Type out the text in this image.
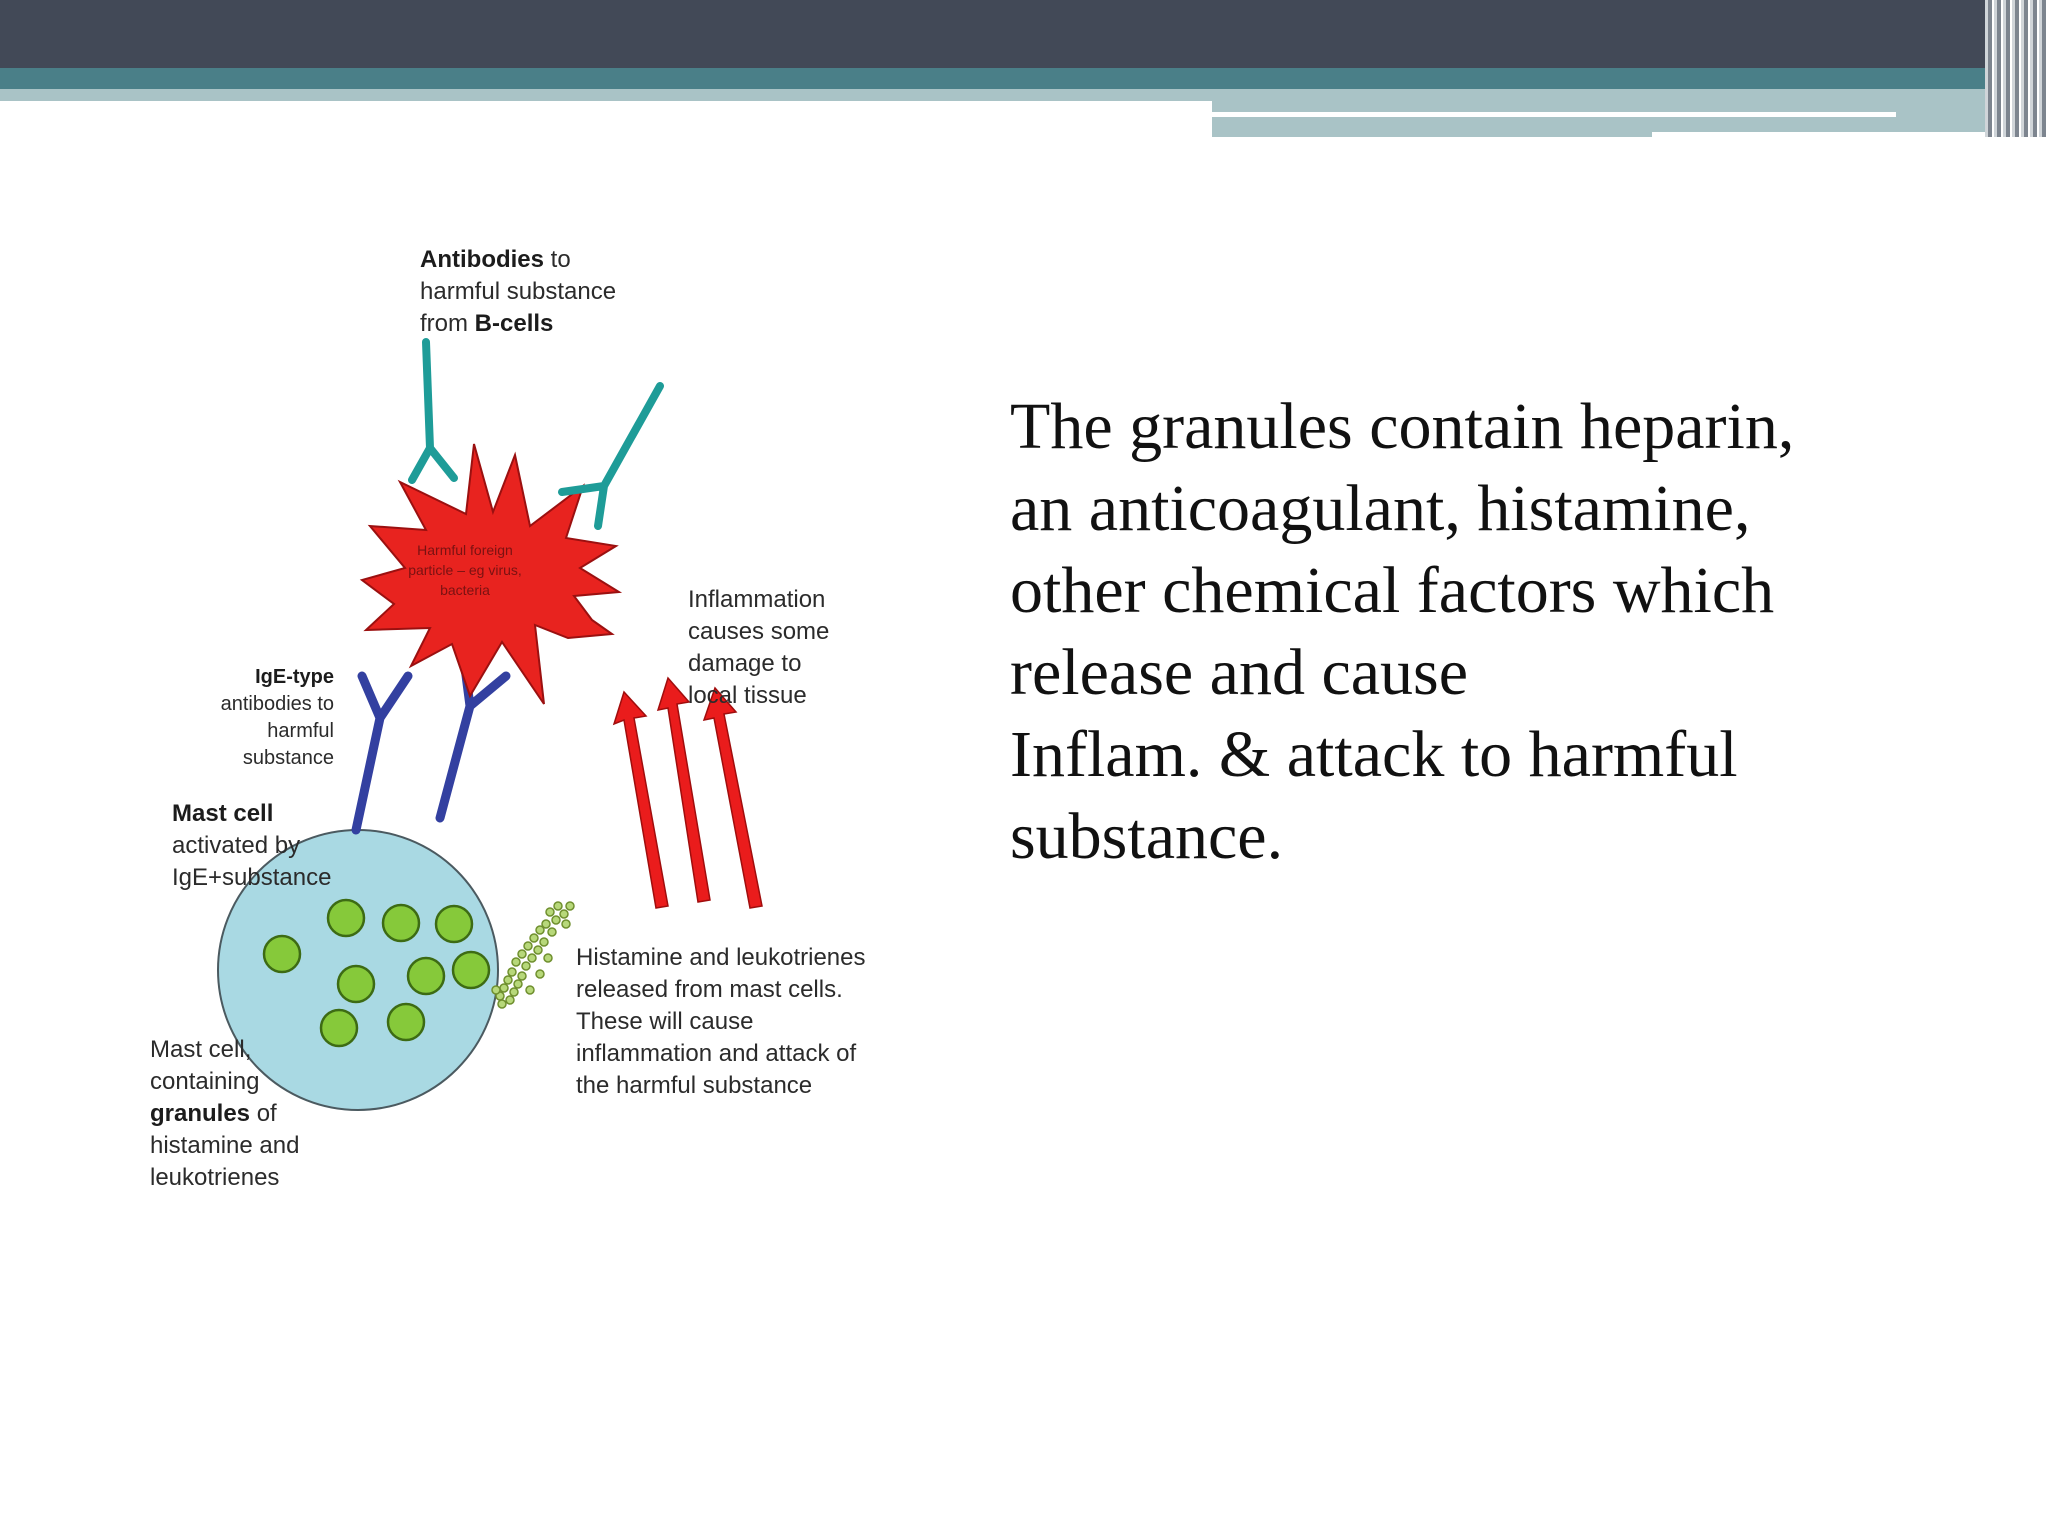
The granules contain heparin,
an anticoagulant, histamine,
other chemical factors which
release and cause
Inflam. & attack to harmful
substance.

Harmful foreign
particle – eg virus,
bacteria
Antibodies to
harmful substance
from B-cells
Inflammation
causes some
damage to
local tissue
IgE-type
antibodies to
harmful
substance
Mast cell
activated by
IgE+substance
Histamine and leukotrienes
released from mast cells.
These will cause
inflammation and attack of
the harmful substance
Mast cell,
containing
granules of
histamine and
leukotrienes
